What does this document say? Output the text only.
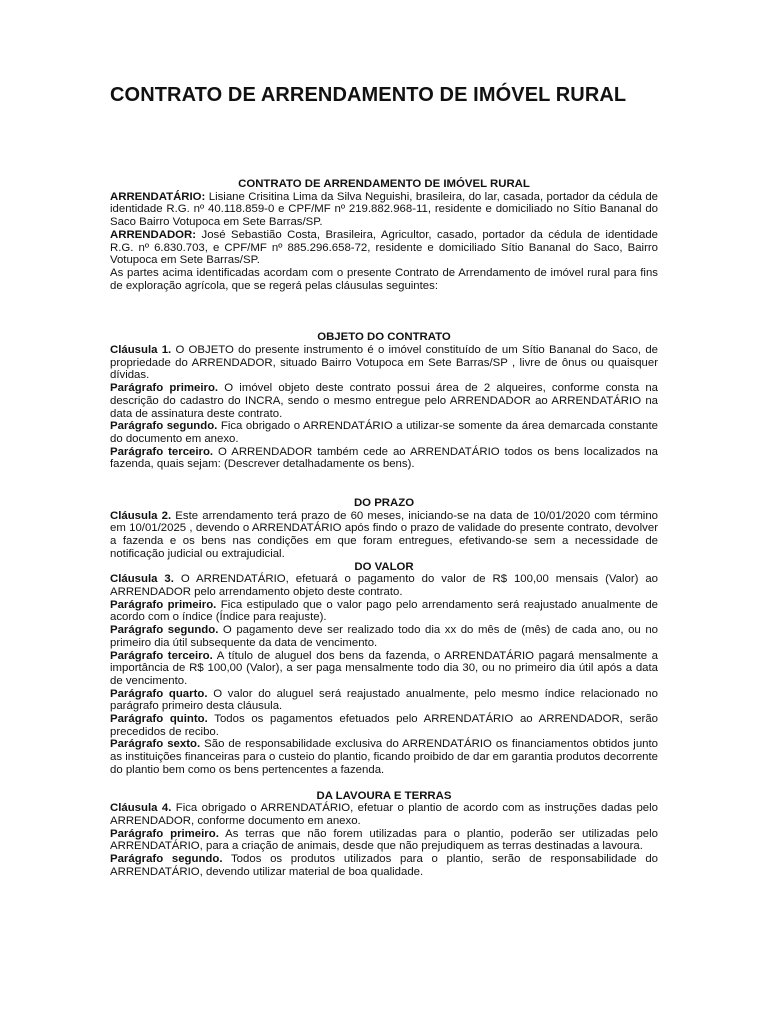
CONTRATO DE ARRENDAMENTO DE IMÓVEL RURAL

CONTRATO DE ARRENDAMENTO DE IMÓVEL RURAL

ARRENDATÁRIO: Lisiane Crisitina Lima da Silva Neguishi, brasileira, do lar, casada, portador da cédula de identidade R.G. nº 40.118.859-0 e CPF/MF nº 219.882.968-11, residente e domiciliado no Sítio Bananal do Saco Bairro Votupoca em Sete Barras/SP.

ARRENDADOR: José Sebastião Costa, Brasileira, Agricultor, casado, portador da cédula de identidade R.G. nº 6.830.703, e CPF/MF nº 885.296.658-72, residente e domiciliado Sítio Bananal do Saco, Bairro Votupoca em Sete Barras/SP.

As partes acima identificadas acordam com o presente Contrato de Arrendamento de imóvel rural para fins de exploração agrícola, que se regerá pelas cláusulas seguintes:

OBJETO DO CONTRATO

Cláusula 1. O OBJETO do presente instrumento é o imóvel constituído de um Sítio Bananal do Saco, de propriedade do ARRENDADOR, situado Bairro Votupoca em Sete Barras/SP , livre de ônus ou quaisquer dívidas.

Parágrafo primeiro. O imóvel objeto deste contrato possui área de 2 alqueires, conforme consta na descrição do cadastro do INCRA, sendo o mesmo entregue pelo ARRENDADOR ao ARRENDATÁRIO na data de assinatura deste contrato.

Parágrafo segundo. Fica obrigado o ARRENDATÁRIO a utilizar-se somente da área demarcada constante do documento em anexo.

Parágrafo terceiro. O ARRENDADOR também cede ao ARRENDATÁRIO todos os bens localizados na fazenda, quais sejam: (Descrever detalhadamente os bens).

DO PRAZO

Cláusula 2. Este arrendamento terá prazo de 60 meses, iniciando-se na data de 10/01/2020 com término em 10/01/2025 , devendo o ARRENDATÁRIO após findo o prazo de validade do presente contrato, devolver a fazenda e os bens nas condições em que foram entregues, efetivando-se sem a necessidade de notificação judicial ou extrajudicial.

DO VALOR

Cláusula 3. O ARRENDATÁRIO, efetuará o pagamento do valor de R$ 100,00 mensais (Valor) ao ARRENDADOR pelo arrendamento objeto deste contrato.

Parágrafo primeiro. Fica estipulado que o valor pago pelo arrendamento será reajustado anualmente de acordo com o índice (Índice para reajuste).

Parágrafo segundo. O pagamento deve ser realizado todo dia xx do mês de (mês) de cada ano, ou no primeiro dia útil subsequente da data de vencimento.

Parágrafo terceiro. A título de aluguel dos bens da fazenda, o ARRENDATÁRIO pagará mensalmente a importância de R$ 100,00 (Valor), a ser paga mensalmente todo dia 30, ou no primeiro dia útil após a data de vencimento.

Parágrafo quarto. O valor do aluguel será reajustado anualmente, pelo mesmo índice relacionado no parágrafo primeiro desta cláusula.

Parágrafo quinto. Todos os pagamentos efetuados pelo ARRENDATÁRIO ao ARRENDADOR, serão precedidos de recibo.

Parágrafo sexto. São de responsabilidade exclusiva do ARRENDATÁRIO os financiamentos obtidos junto as instituições financeiras para o custeio do plantio, ficando proibido de dar em garantia produtos decorrente do plantio bem como os bens pertencentes a fazenda.

DA LAVOURA E TERRAS

Cláusula 4. Fica obrigado o ARRENDATÁRIO, efetuar o plantio de acordo com as instruções dadas pelo ARRENDADOR, conforme documento em anexo.

Parágrafo primeiro. As terras que não forem utilizadas para o plantio, poderão ser utilizadas pelo ARRENDATÁRIO, para a criação de animais, desde que não prejudiquem as terras destinadas a lavoura.

Parágrafo segundo. Todos os produtos utilizados para o plantio, serão de responsabilidade do ARRENDATÁRIO, devendo utilizar material de boa qualidade.
